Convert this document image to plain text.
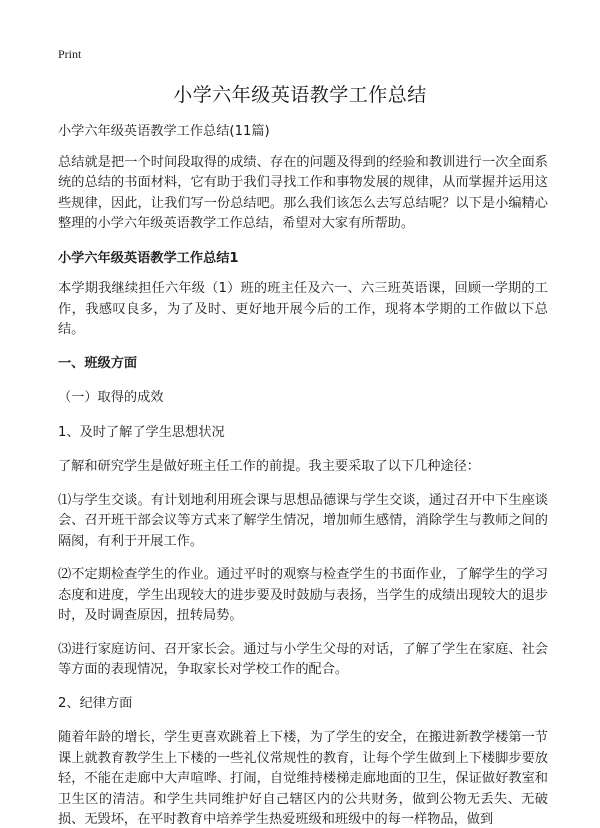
Print
小学六年级英语教学工作总结

小学六年级英语教学工作总结(11篇)

总结就是把一个时间段取得的成绩、存在的问题及得到的经验和教训进行一次全面系统的总结的书面材料，它有助于我们寻找工作和事物发展的规律，从而掌握并运用这些规律，因此，让我们写一份总结吧。那么我们该怎么去写总结呢？以下是小编精心整理的小学六年级英语教学工作总结，希望对大家有所帮助。

小学六年级英语教学工作总结1

本学期我继续担任六年级（1）班的班主任及六一、六三班英语课，回顾一学期的工作，我感叹良多，为了及时、更好地开展今后的工作，现将本学期的工作做以下总结。

一、班级方面

（一）取得的成效

1、及时了解了学生思想状况

了解和研究学生是做好班主任工作的前提。我主要采取了以下几种途径：

⑴与学生交谈。有计划地利用班会课与思想品德课与学生交谈，通过召开中下生座谈会、召开班干部会议等方式来了解学生情况，增加师生感情，消除学生与教师之间的隔阂，有利于开展工作。

⑵不定期检查学生的作业。通过平时的观察与检查学生的书面作业，了解学生的学习态度和进度，学生出现较大的进步要及时鼓励与表扬，当学生的成绩出现较大的退步时，及时调查原因，扭转局势。

⑶进行家庭访问、召开家长会。通过与小学生父母的对话，了解了学生在家庭、社会等方面的表现情况，争取家长对学校工作的配合。

2、纪律方面

随着年龄的增长，学生更喜欢跳着上下楼，为了学生的安全，在搬进新教学楼第一节课上就教育教学生上下楼的一些礼仪常规性的教育，让每个学生做到上下楼脚步要放轻，不能在走廊中大声喧哗、打闹，自觉维持楼梯走廊地面的卫生，保证做好教室和卫生区的清洁。和学生共同维护好自己辖区内的公共财务，做到公物无丢失、无破损、无毁坏，在平时教育中培养学生热爱班级和班级中的每一样物品，做到
